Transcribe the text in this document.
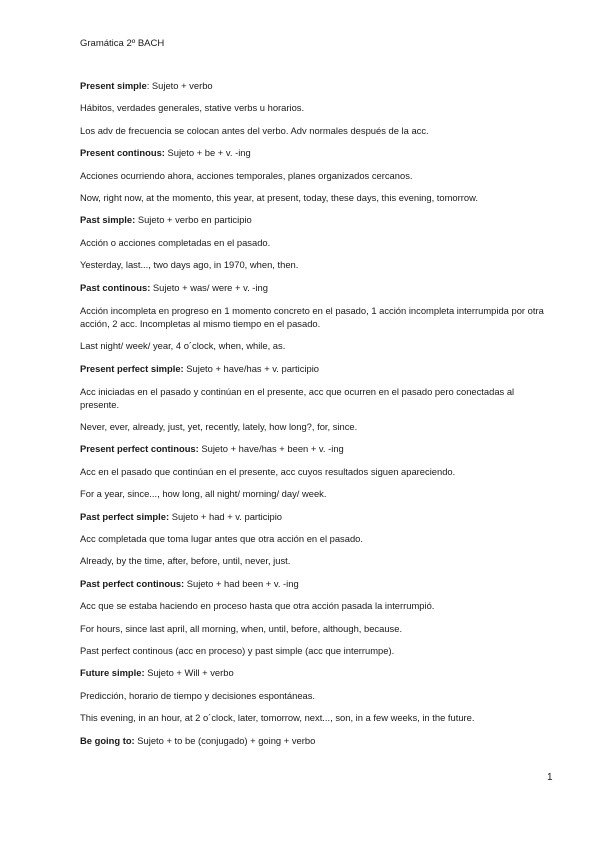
Gramática 2º BACH

Present simple: Sujeto + verbo

Hábitos, verdades generales, stative verbs u horarios.

Los adv de frecuencia se colocan antes del verbo. Adv normales después de la acc.

Present continous: Sujeto + be + v. -ing

Acciones ocurriendo ahora, acciones temporales, planes organizados cercanos.

Now, right now, at the momento, this year, at present, today, these days, this evening, tomorrow.

Past simple: Sujeto + verbo en participio

Acción o acciones completadas en el pasado.

Yesterday, last..., two days ago, in 1970, when, then.

Past continous: Sujeto + was/ were + v. -ing

Acción incompleta en progreso en 1 momento concreto en el pasado, 1 acción incompleta interrumpida por otra acción, 2 acc. Incompletas al mismo tiempo en el pasado.

Last night/ week/ year, 4 o´clock, when, while, as.

Present perfect simple: Sujeto + have/has + v. participio

Acc iniciadas en el pasado y continúan en el presente, acc que ocurren en el pasado pero conectadas al presente.

Never, ever, already, just, yet, recently, lately, how long?, for, since.

Present perfect continous: Sujeto + have/has + been + v. -ing

Acc en el pasado que continúan en el presente, acc cuyos resultados siguen apareciendo.

For a year, since..., how long, all night/ morning/ day/ week.

Past perfect simple: Sujeto + had + v. participio

Acc completada que toma lugar antes que otra acción en el pasado.

Already, by the time, after, before, until, never, just.

Past perfect continous: Sujeto + had been + v. -ing

Acc que se estaba haciendo en proceso hasta que otra acción pasada la interrumpió.

For hours, since last april, all morning, when, until, before, although, because.

Past perfect continous (acc en proceso) y past simple (acc que interrumpe).

Future simple: Sujeto + Will + verbo

Predicción, horario de tiempo y decisiones espontáneas.

This evening, in an hour, at 2 o´clock, later, tomorrow, next..., son, in a few weeks, in the future.

Be going to: Sujeto + to be (conjugado) + going + verbo

1
